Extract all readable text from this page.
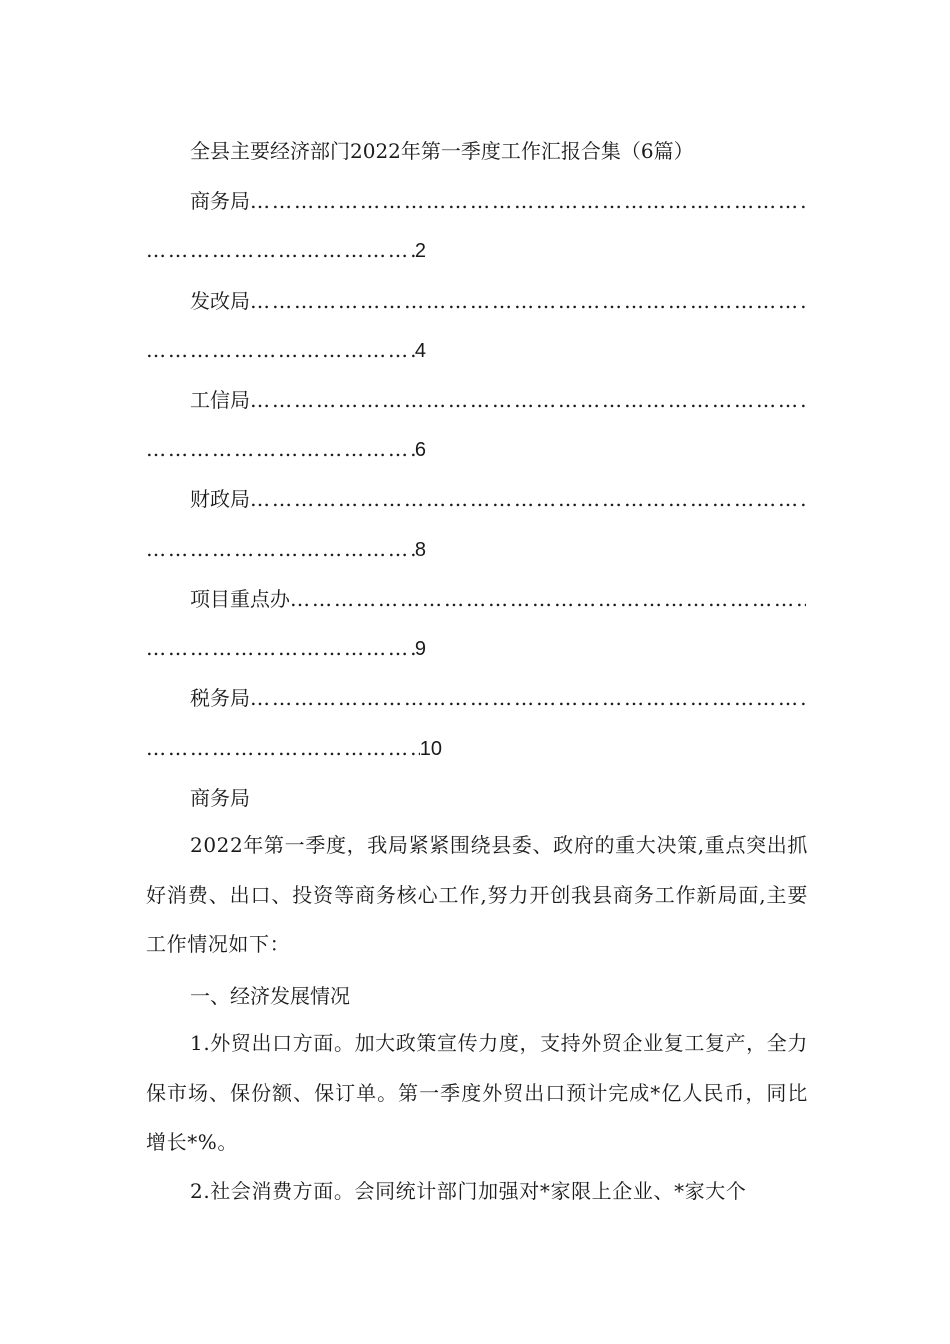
全县主要经济部门2022年第一季度工作汇报合集（6篇）
商务局
………………………………………………………………………………………………………………………………
………………………………………………………………………………………………………………………………
2
发改局
………………………………………………………………………………………………………………………………
………………………………………………………………………………………………………………………………
4
工信局
………………………………………………………………………………………………………………………………
………………………………………………………………………………………………………………………………
6
财政局
………………………………………………………………………………………………………………………………
………………………………………………………………………………………………………………………………
8
项目重点办
………………………………………………………………………………………………………………………………
………………………………………………………………………………………………………………………………
9
税务局
………………………………………………………………………………………………………………………………
………………………………………………………………………………………………………………………………
10
商务局
2022年第一季度，我局紧紧围绕县委、政府的重大决策,重点突出抓好消费、出口、投资等商务核心工作,努力开创我县商务工作新局面,主要工作情况如下：
一、经济发展情况
1.外贸出口方面。加大政策宣传力度，支持外贸企业复工复产，全力保市场、保份额、保订单。第一季度外贸出口预计完成*亿人民币，同比增长*%。
2.社会消费方面。会同统计部门加强对*家限上企业、*家大个
